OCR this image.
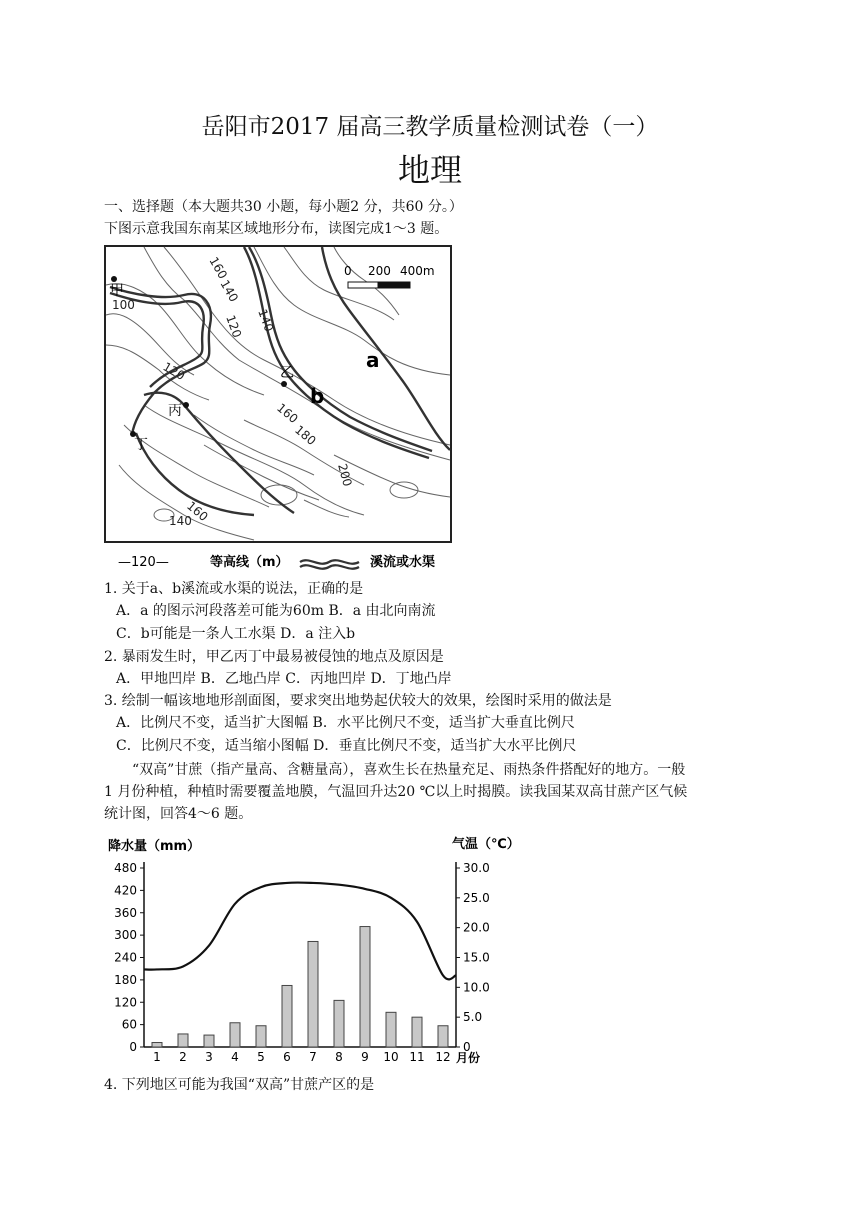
岳阳市2017 届高三教学质量检测试卷（一）
地理
一、选择题（本大题共30 小题，每小题2 分，共60 分。）
下图示意我国东南某区域地形分布，读图完成1～3 题。
160
140
120 140
100
120
160
180
200
160
140
甲
乙
丙
丁
a
b
0 200 400m
—120—	等高线（m）	溪流或水渠
1. 关于a、b溪流或水渠的说法，正确的是
A．a 的图示河段落差可能为60m B．a 由北向南流
C．b可能是一条人工水渠 D．a 注入b
2. 暴雨发生时，甲乙丙丁中最易被侵蚀的地点及原因是
A．甲地凹岸 B．乙地凸岸 C．丙地凹岸 D．丁地凸岸
3. 绘制一幅该地地形剖面图，要求突出地势起伏较大的效果，绘图时采用的做法是
A．比例尺不变，适当扩大图幅 B．水平比例尺不变，适当扩大垂直比例尺
C．比例尺不变，适当缩小图幅 D．垂直比例尺不变，适当扩大水平比例尺
“双高”甘蔗（指产量高、含糖量高），喜欢生长在热量充足、雨热条件搭配好的地方。一般
1 月份种植，种植时需要覆盖地膜，气温回升达20 ℃以上时揭膜。读我国某双高甘蔗产区气候
统计图，回答4～6 题。
降水量（mm）	气温（℃）
0
60
120
180
240
300
360
420
480
0
5.0
10.0
15.0
20.0
25.0
30.0
1 2 3 4 5 6 7 8 9 10 11 12 月份
4. 下列地区可能为我国“双高”甘蔗产区的是
